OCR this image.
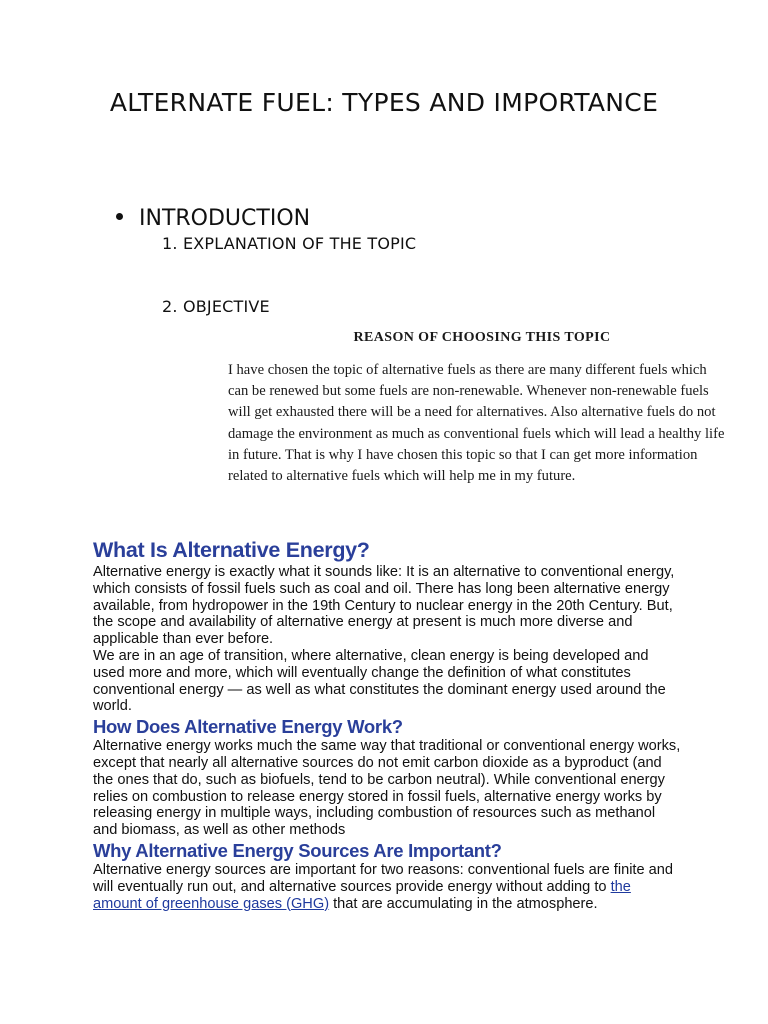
ALTERNATE FUEL: TYPES AND IMPORTANCE
INTRODUCTION
1. EXPLANATION OF THE TOPIC
2. OBJECTIVE

REASON OF CHOOSING THIS TOPIC

I have chosen the topic of alternative fuels as there are many different fuels which can be renewed but some fuels are non-renewable. Whenever non-renewable fuels will get exhausted there will be a need for alternatives. Also alternative fuels do not damage the environment as much as conventional fuels which will lead a healthy life in future. That is why I have chosen this topic so that I can get more information related to alternative fuels which will help me in my future.

What Is Alternative Energy?

Alternative energy is exactly what it sounds like: It is an alternative to conventional energy, which consists of fossil fuels such as coal and oil. There has long been alternative energy available, from hydropower in the 19th Century to nuclear energy in the 20th Century. But, the scope and availability of alternative energy at present is much more diverse and applicable than ever before.

We are in an age of transition, where alternative, clean energy is being developed and used more and more, which will eventually change the definition of what constitutes conventional energy — as well as what constitutes the dominant energy used around the world.

How Does Alternative Energy Work?

Alternative energy works much the same way that traditional or conventional energy works, except that nearly all alternative sources do not emit carbon dioxide as a byproduct (and the ones that do, such as biofuels, tend to be carbon neutral). While conventional energy relies on combustion to release energy stored in fossil fuels, alternative energy works by releasing energy in multiple ways, including combustion of resources such as methanol and biomass, as well as other methods

Why Alternative Energy Sources Are Important?

Alternative energy sources are important for two reasons: conventional fuels are finite and will eventually run out, and alternative sources provide energy without adding to the amount of greenhouse gases (GHG) that are accumulating in the atmosphere.
